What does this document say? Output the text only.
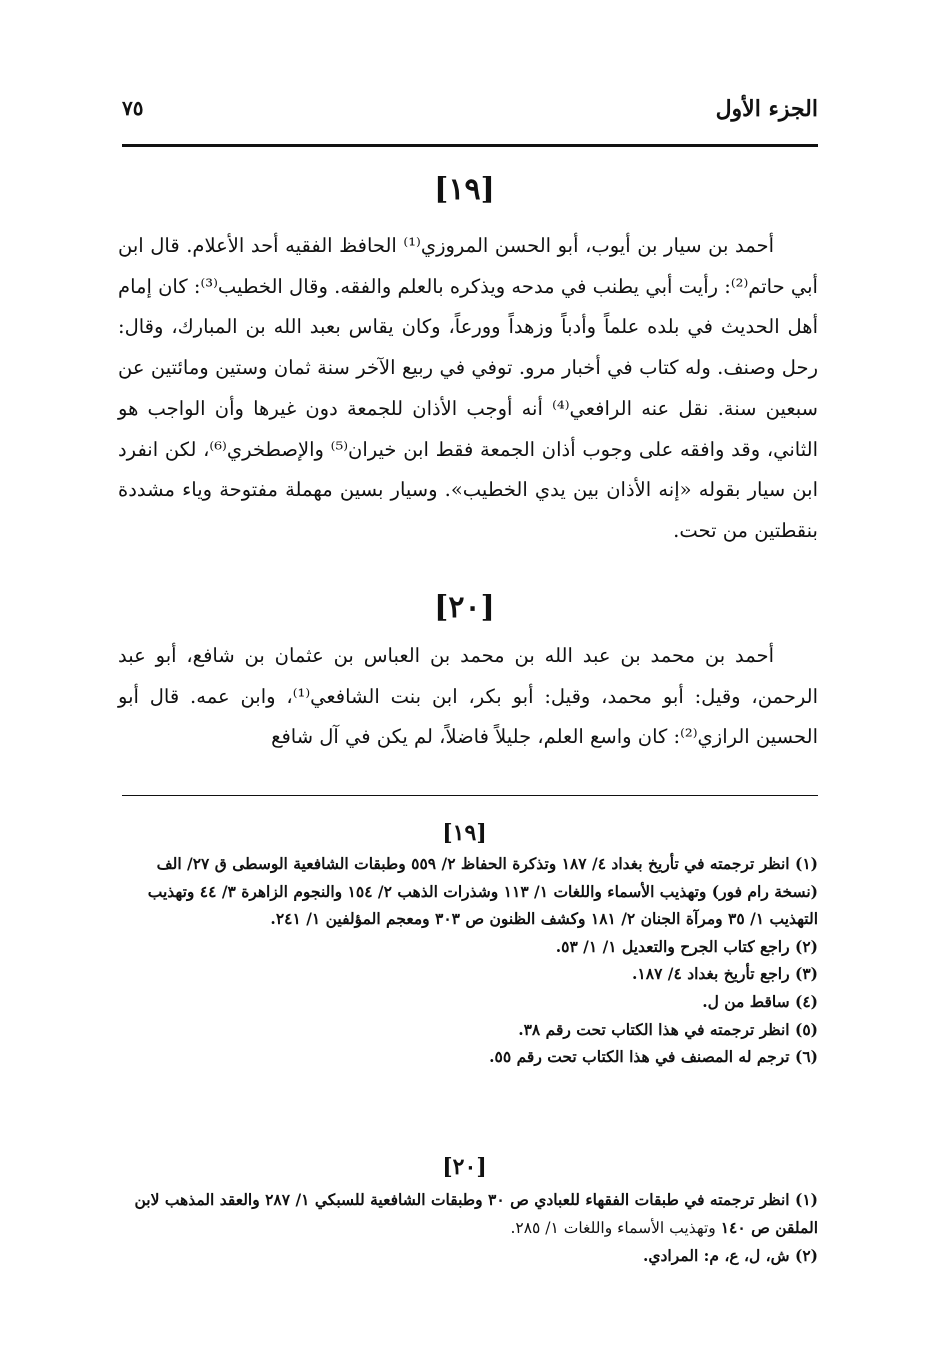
الجزء الأول
٧٥
[١٩]

أحمد بن سيار بن أيوب، أبو الحسن المروزي⁽¹⁾ الحافظ الفقيه أحد الأعلام. قال ابن أبي حاتم⁽²⁾: رأيت أبي يطنب في مدحه ويذكره بالعلم والفقه. وقال الخطيب⁽³⁾: كان إمام أهل الحديث في بلده علماً وأدباً وزهداً وورعاً، وكان يقاس بعبد الله بن المبارك، وقال: رحل وصنف. وله كتاب في أخبار مرو. توفي في ربيع الآخر سنة ثمان وستين ومائتين عن سبعين سنة. نقل عنه الرافعي⁽⁴⁾ أنه أوجب الأذان للجمعة دون غيرها وأن الواجب هو الثاني، وقد وافقه على وجوب أذان الجمعة فقط ابن خيران⁽⁵⁾ والإصطخري⁽⁶⁾، لكن انفرد ابن سيار بقوله «إنه الأذان بين يدي الخطيب». وسيار بسين مهملة مفتوحة وياء مشددة بنقطتين من تحت.

[٢٠]

أحمد بن محمد بن عبد الله بن محمد بن العباس بن عثمان بن شافع، أبو عبد الرحمن، وقيل: أبو محمد، وقيل: أبو بكر، ابن بنت الشافعي⁽¹⁾، وابن عمه. قال أبو الحسين الرازي⁽²⁾: كان واسع العلم، جليلاً فاضلاً، لم يكن في آل شافع

[١٩]

(١) انظر ترجمته في تأريخ بغداد ٤/ ١٨٧ وتذكرة الحفاظ ٢/ ٥٥٩ وطبقات الشافعية الوسطى ق ٢٧/ الف (نسخة رام فور) وتهذيب الأسماء واللغات ١/ ١١٣ وشذرات الذهب ٢/ ١٥٤ والنجوم الزاهرة ٣/ ٤٤ وتهذيب التهذيب ١/ ٣٥ ومرآة الجنان ٢/ ١٨١ وكشف الظنون ص ٣٠٣ ومعجم المؤلفين ١/ ٢٤١.

(٢) راجع كتاب الجرح والتعديل ١/ ١/ ٥٣.

(٣) راجع تأريخ بغداد ٤/ ١٨٧.

(٤) ساقط من ل.

(٥) انظر ترجمته في هذا الكتاب تحت رقم ٣٨.

(٦) ترجم له المصنف في هذا الكتاب تحت رقم ٥٥.

[٢٠]

(١) انظر ترجمته في طبقات الفقهاء للعبادي ص ٣٠ وطبقات الشافعية للسبكي ١/ ٢٨٧ والعقد المذهب لابن الملقن ص ١٤٠ وتهذيب الأسماء واللغات ١/ ٢٨٥.

(٢) ش، ل، ع، م: المرادي.
